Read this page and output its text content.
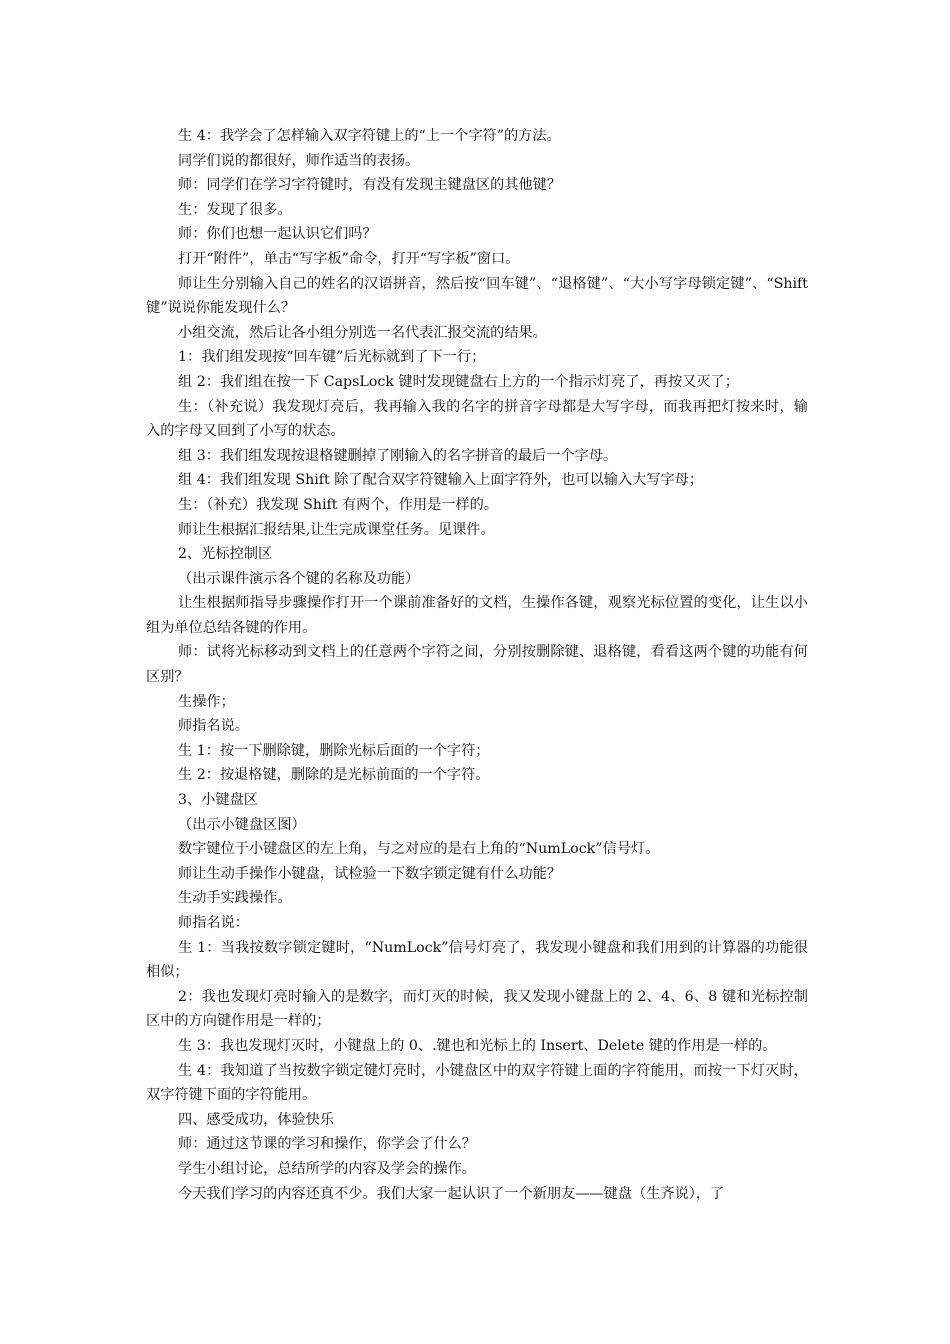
生 4：我学会了怎样输入双字符键上的“上一个字符”的方法。

同学们说的都很好，师作适当的表扬。

师：同学们在学习字符键时，有没有发现主键盘区的其他键？

生：发现了很多。

师：你们也想一起认识它们吗？

打开“附件”，单击“写字板”命令，打开“写字板”窗口。

师让生分别输入自己的姓名的汉语拼音，然后按“回车键”、“退格键”、“大小写字母锁定键”、“Shift 键”说说你能发现什么？

小组交流，然后让各小组分别选一名代表汇报交流的结果。

1：我们组发现按“回车键”后光标就到了下一行；

组 2：我们组在按一下 CapsLock 键时发现键盘右上方的一个指示灯亮了，再按又灭了；

生：（补充说）我发现灯亮后，我再输入我的名字的拼音字母都是大写字母，而我再把灯按来时，输入的字母又回到了小写的状态。

组 3：我们组发现按退格键删掉了刚输入的名字拼音的最后一个字母。

组 4：我们组发现 Shift 除了配合双字符键输入上面字符外，也可以输入大写字母；

生：（补充）我发现 Shift 有两个，作用是一样的。

师让生根据汇报结果,让生完成课堂任务。见课件。

2、光标控制区

（出示课件演示各个键的名称及功能）

让生根据师指导步骤操作打开一个课前准备好的文档，生操作各键，观察光标位置的变化，让生以小组为单位总结各键的作用。

师：试将光标移动到文档上的任意两个字符之间，分别按删除键、退格键，看看这两个键的功能有何区别？

生操作；

师指名说。

生 1：按一下删除键，删除光标后面的一个字符；

生 2：按退格键，删除的是光标前面的一个字符。

3、小键盘区

（出示小键盘区图）

数字键位于小键盘区的左上角，与之对应的是右上角的“NumLock”信号灯。

师让生动手操作小键盘，试检验一下数字锁定键有什么功能？

生动手实践操作。

师指名说：

生 1：当我按数字锁定键时，“NumLock”信号灯亮了，我发现小键盘和我们用到的计算器的功能很相似；

2：我也发现灯亮时输入的是数字，而灯灭的时候，我又发现小键盘上的 2、4、6、8 键和光标控制区中的方向键作用是一样的；

生 3：我也发现灯灭时，小键盘上的 0、.键也和光标上的 Insert、Delete 键的作用是一样的。

生 4：我知道了当按数字锁定键灯亮时，小键盘区中的双字符键上面的字符能用，而按一下灯灭时，双字符键下面的字符能用。

四、感受成功，体验快乐

师：通过这节课的学习和操作，你学会了什么？

学生小组讨论，总结所学的内容及学会的操作。

今天我们学习的内容还真不少。我们大家一起认识了一个新朋友——键盘（生齐说），了
